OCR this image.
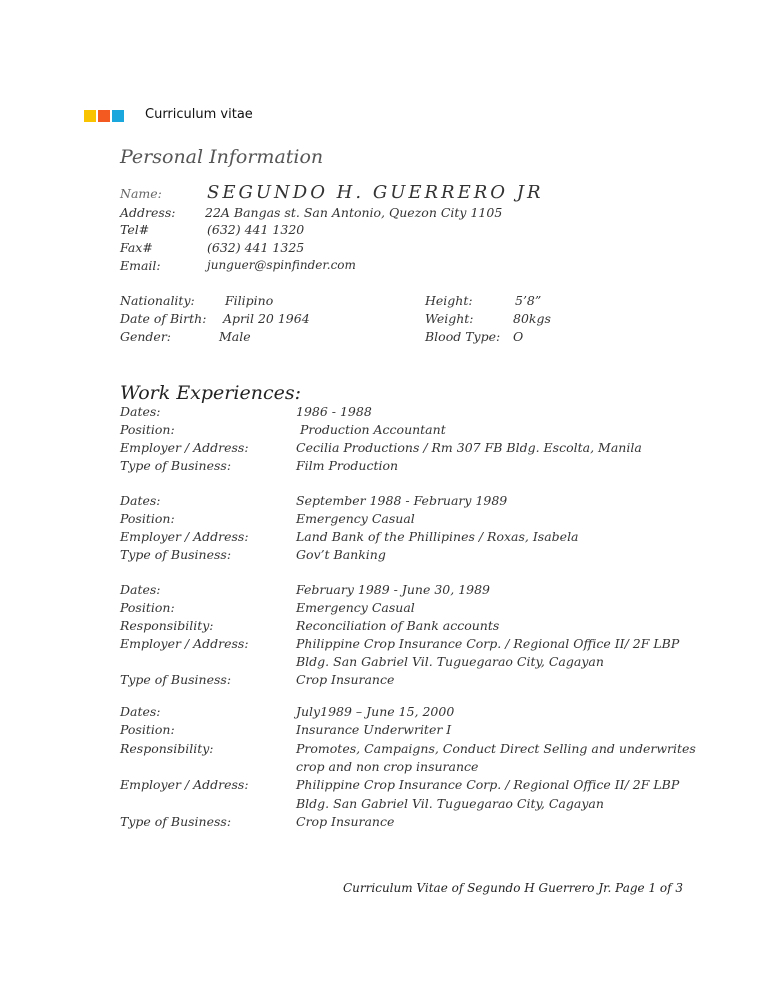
Curriculum vitae
Personal Information
Name:	SEGUNDO H. GUERRERO JR
Address: 22A Bangas st. San Antonio, Quezon City 1105
Tel#	(632) 441 1320
Fax#	(632) 441 1325
Email:	junguer@spinfinder.com
Nationality: Filipino
Date of Birth: April 20 1964
Gender:	Male
Height:	5’8”
Weight:	80kgs
Blood Type: O
Work Experiences:
Dates:	1986 - 1988
Position:	Production Accountant
Employer / Address:	Cecilia Productions / Rm 307 FB Bldg. Escolta, Manila
Type of Business:	Film Production
Dates:	September 1988 - February 1989
Position:	Emergency Casual
Employer / Address:	Land Bank of the Phillipines / Roxas, Isabela
Type of Business:	Gov’t Banking
Dates:	February 1989 - June 30, 1989
Position:	Emergency Casual
Responsibility:	Reconciliation of Bank accounts
Employer / Address:	Philippine Crop Insurance Corp. / Regional Office II/ 2F LBP
Bldg. San Gabriel Vil. Tuguegarao City, Cagayan
Type of Business:	Crop Insurance
Dates:	July1989 – June 15, 2000
Position:	Insurance Underwriter I
Responsibility:	Promotes, Campaigns, Conduct Direct Selling and underwrites
crop and non crop insurance
Employer / Address:	Philippine Crop Insurance Corp. / Regional Office II/ 2F LBP
Bldg. San Gabriel Vil. Tuguegarao City, Cagayan
Type of Business:	Crop Insurance
Curriculum Vitae of Segundo H Guerrero Jr. Page 1 of 3
